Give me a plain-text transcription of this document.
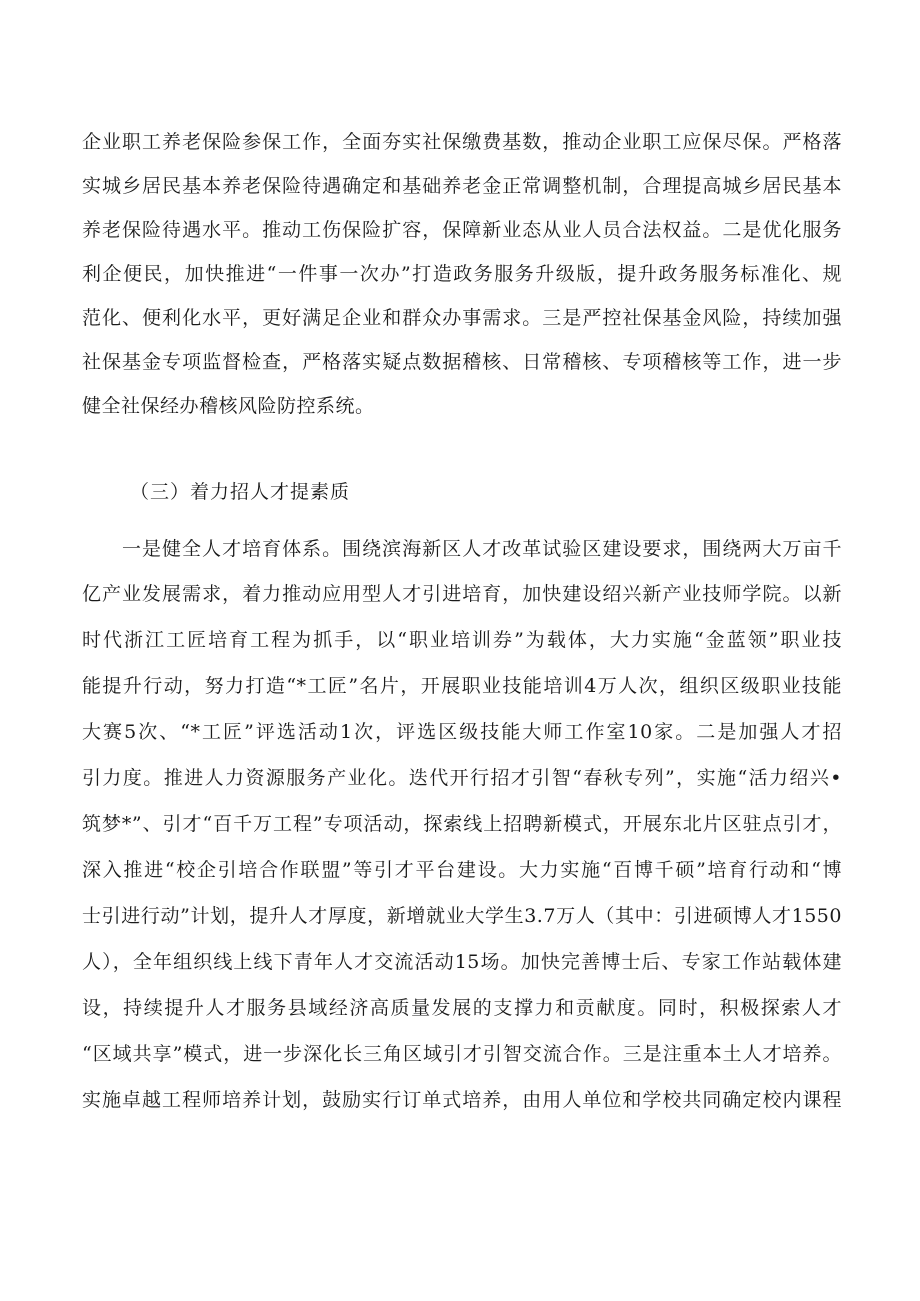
企业职工养老保险参保工作，全面夯实社保缴费基数，推动企业职工应保尽保。严格落
实城乡居民基本养老保险待遇确定和基础养老金正常调整机制，合理提高城乡居民基本
养老保险待遇水平。推动工伤保险扩容，保障新业态从业人员合法权益。二是优化服务
利企便民，加快推进“一件事一次办”打造政务服务升级版，提升政务服务标准化、规
范化、便利化水平，更好满足企业和群众办事需求。三是严控社保基金风险，持续加强
社保基金专项监督检查，严格落实疑点数据稽核、日常稽核、专项稽核等工作，进一步
健全社保经办稽核风险防控系统。
（三）着力招人才提素质
一是健全人才培育体系。围绕滨海新区人才改革试验区建设要求，围绕两大万亩千
亿产业发展需求，着力推动应用型人才引进培育，加快建设绍兴新产业技师学院。以新
时代浙江工匠培育工程为抓手，以“职业培训券”为载体，大力实施“金蓝领”职业技
能提升行动，努力打造“*工匠”名片，开展职业技能培训4万人次，组织区级职业技能
大赛5次、“*工匠”评选活动1次，评选区级技能大师工作室10家。二是加强人才招
引力度。推进人力资源服务产业化。迭代开行招才引智“春秋专列”，实施“活力绍兴•
筑梦*”、引才“百千万工程”专项活动，探索线上招聘新模式，开展东北片区驻点引才，
深入推进“校企引培合作联盟”等引才平台建设。大力实施“百博千硕”培育行动和“博
士引进行动”计划，提升人才厚度，新增就业大学生3.7万人（其中：引进硕博人才1550
人），全年组织线上线下青年人才交流活动15场。加快完善博士后、专家工作站载体建
设，持续提升人才服务县域经济高质量发展的支撑力和贡献度。同时，积极探索人才
“区域共享”模式，进一步深化长三角区域引才引智交流合作。三是注重本土人才培养。
实施卓越工程师培养计划，鼓励实行订单式培养，由用人单位和学校共同确定校内课程
